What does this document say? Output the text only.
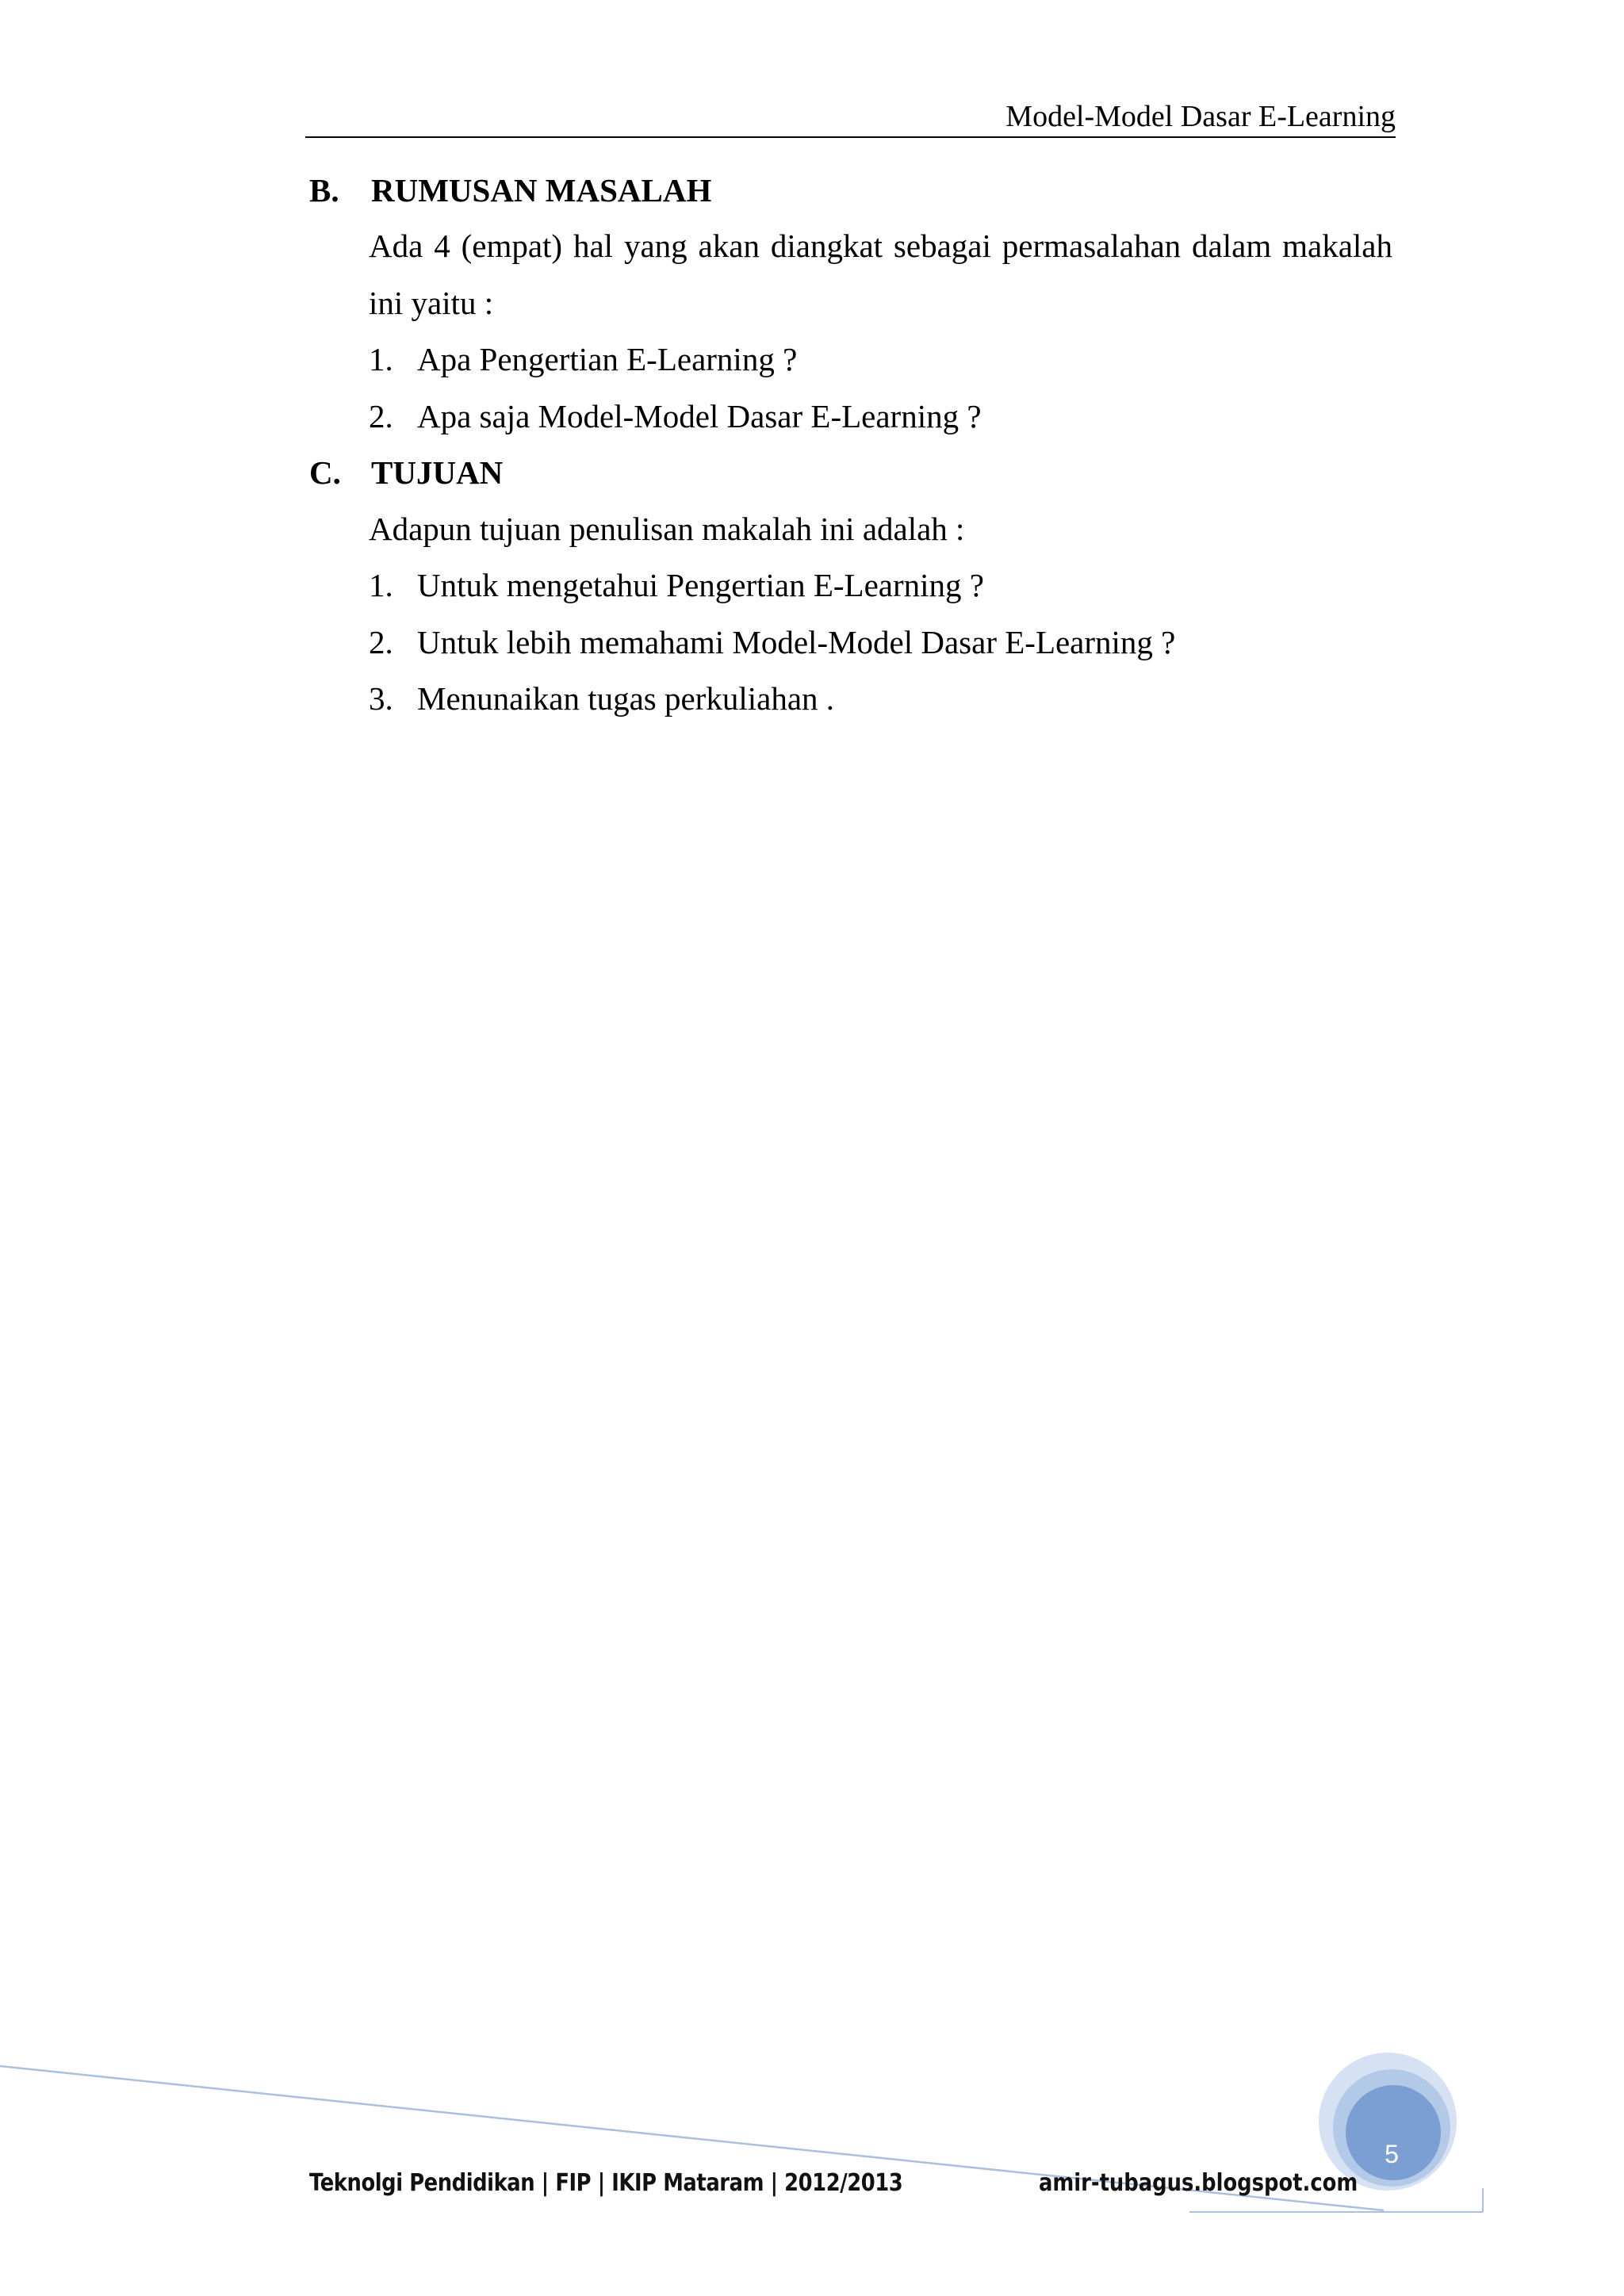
Model-Model Dasar E-Learning
B. RUMUSAN MASALAH
Ada 4 (empat) hal yang akan diangkat sebagai permasalahan dalam makalah
ini yaitu :
1. Apa Pengertian E-Learning ?
2. Apa saja Model-Model Dasar E-Learning ?
C. TUJUAN
Adapun tujuan penulisan makalah ini adalah :
1. Untuk mengetahui Pengertian E-Learning ?
2. Untuk lebih memahami Model-Model Dasar E-Learning ?
3. Menunaikan tugas perkuliahan .
5
Teknolgi Pendidikan | FIP | IKIP Mataram | 2012/2013	amir-tubagus.blogspot.com
